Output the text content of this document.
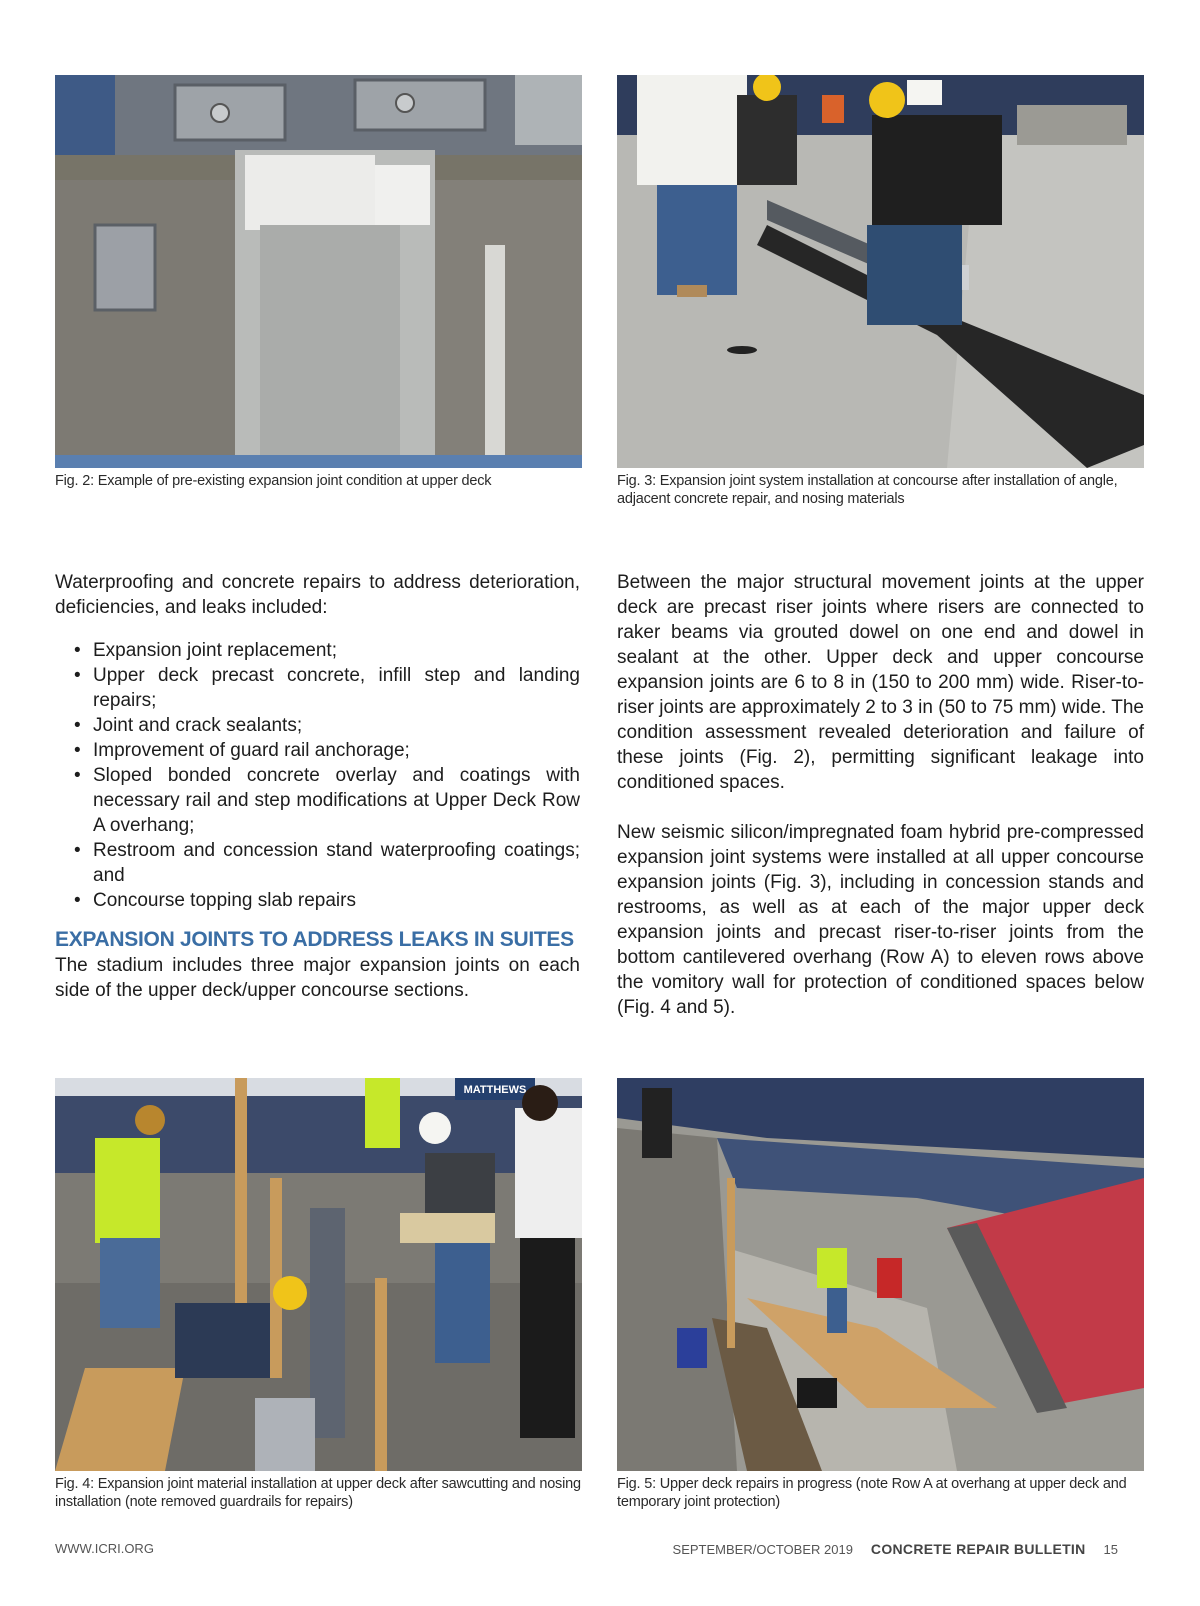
Fig. 2: Example of pre-existing expansion joint condition at upper deck	Fig. 3: Expansion joint system installation at concourse after installation of angle, adjacent concrete repair, and nosing materials

Waterproofing and concrete repairs to address deterioration, deficiencies, and leaks included:

• Expansion joint replacement;
• Upper deck precast concrete, infill step and landing repairs;
• Joint and crack sealants;
• Improvement of guard rail anchorage;
• Sloped bonded concrete overlay and coatings with necessary rail and step modifications at Upper Deck Row A overhang;
• Restroom and concession stand waterproofing coatings; and
• Concourse topping slab repairs
EXPANSION JOINTS TO ADDRESS LEAKS IN SUITES

The stadium includes three major expansion joints on each side of the upper deck/upper concourse sections.

Between the major structural movement joints at the upper deck are precast riser joints where risers are connected to raker beams via grouted dowel on one end and dowel in sealant at the other. Upper deck and upper concourse expansion joints are 6 to 8 in (150 to 200 mm) wide. Riser-to-riser joints are approximately 2 to 3 in (50 to 75 mm) wide. The condition assessment revealed deterioration and failure of these joints (Fig. 2), permitting significant leakage into conditioned spaces.

New seismic silicon/impregnated foam hybrid pre-compressed expansion joint systems were installed at all upper concourse expansion joints (Fig. 3), including in concession stands and restrooms, as well as at each of the major upper deck expansion joints and precast riser-to-riser joints from the bottom cantilevered overhang (Row A) to eleven rows above the vomitory wall for protection of conditioned spaces below (Fig. 4 and 5).

MATTHEWS
Fig. 4: Expansion joint material installation at upper deck after sawcutting and nosing installation (note removed guardrails for repairs)
Fig. 5: Upper deck repairs in progress (note Row A at overhang at upper deck and temporary joint protection)
WWW.ICRI.ORG	SEPTEMBER/OCTOBER 2019 CONCRETE REPAIR BULLETIN 15
